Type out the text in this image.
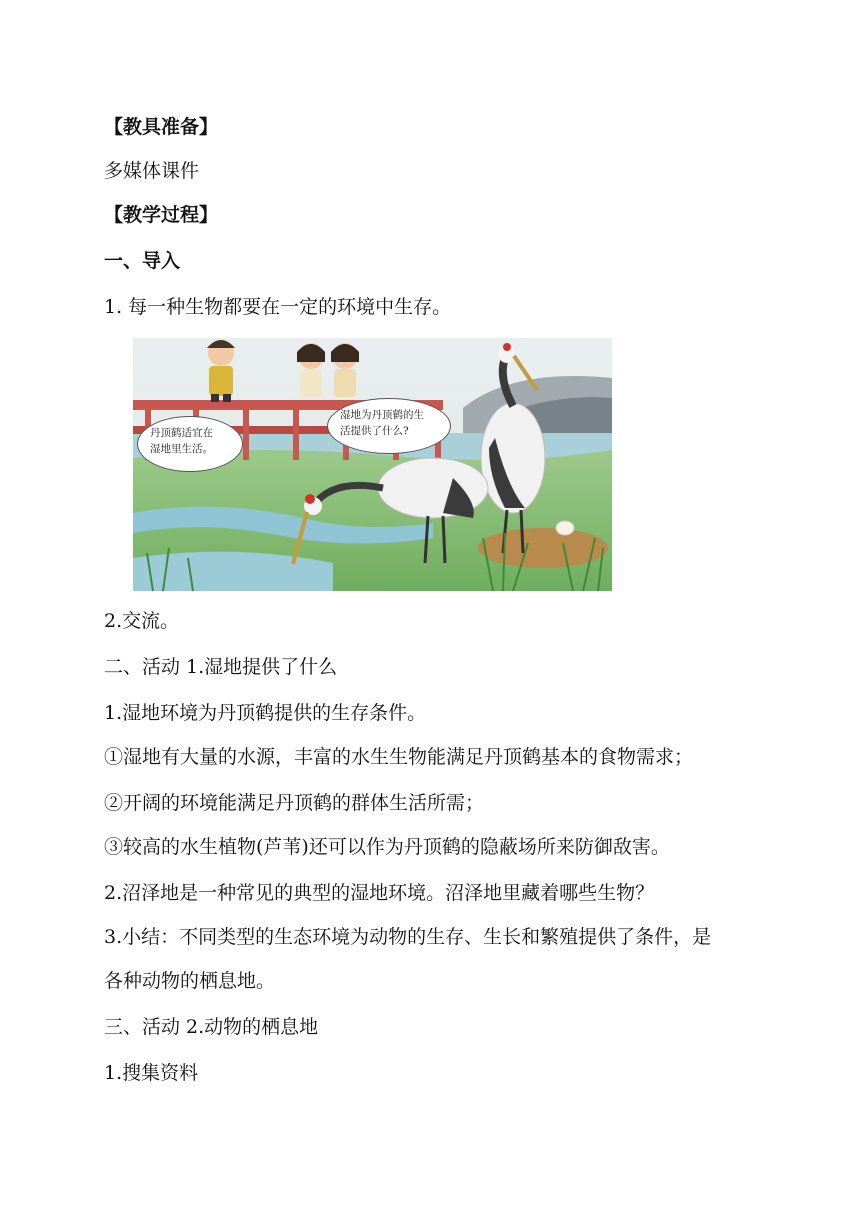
【教具准备】
多媒体课件
【教学过程】
一、导入
1. 每一种生物都要在一定的环境中生存。
丹顶鹤适宜在
湿地里生活。
湿地为丹顶鹤的生
活提供了什么?
2.交流。
二、活动 1.湿地提供了什么
1.湿地环境为丹顶鹤提供的生存条件。
①湿地有大量的水源，丰富的水生生物能满足丹顶鹤基本的食物需求；
②开阔的环境能满足丹顶鹤的群体生活所需；
③较高的水生植物(芦苇)还可以作为丹顶鹤的隐蔽场所来防御敌害。
2.沼泽地是一种常见的典型的湿地环境。沼泽地里藏着哪些生物？
3.小结：不同类型的生态环境为动物的生存、生长和繁殖提供了条件，是
各种动物的栖息地。
三、活动 2.动物的栖息地
1.搜集资料
